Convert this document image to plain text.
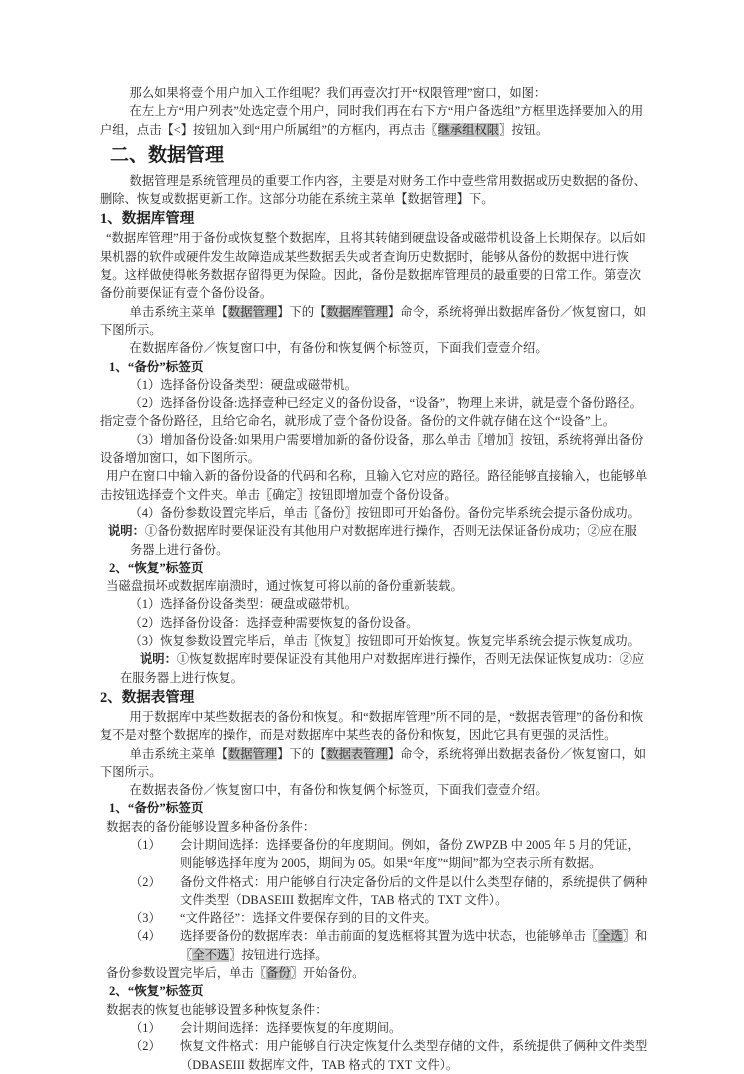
那么如果将壹个用户加入工作组呢？我们再壹次打开“权限管理”窗口，如图：

在左上方“用户列表”处选定壹个用户，同时我们再在右下方“用户备选组”方框里选择要加入的用户组，点击【<】按钮加入到“用户所属组”的方框内，再点击〖继承组权限〗按钮。

二、数据管理

数据管理是系统管理员的重要工作内容，主要是对财务工作中壹些常用数据或历史数据的备份、删除、恢复或数据更新工作。这部分功能在系统主菜单【数据管理】下。

1、数据库管理

“数据库管理”用于备份或恢复整个数据库，且将其转储到硬盘设备或磁带机设备上长期保存。以后如果机器的软件或硬件发生故障造成某些数据丢失或者查询历史数据时，能够从备份的数据中进行恢复。这样做使得帐务数据存留得更为保险。因此，备份是数据库管理员的最重要的日常工作。第壹次备份前要保证有壹个备份设备。

单击系统主菜单【数据管理】下的【数据库管理】命令，系统将弹出数据库备份／恢复窗口，如下图所示。

在数据库备份／恢复窗口中，有备份和恢复俩个标签页，下面我们壹壹介绍。

1、“备份”标签页

（1）选择备份设备类型：硬盘或磁带机。

（2）选择备份设备:选择壹种已经定义的备份设备，“设备”，物理上来讲，就是壹个备份路径。指定壹个备份路径，且给它命名，就形成了壹个备份设备。备份的文件就存储在这个“设备”上。

（3）增加备份设备:如果用户需要增加新的备份设备，那么单击〖增加〗按钮，系统将弹出备份设备增加窗口，如下图所示。

用户在窗口中输入新的备份设备的代码和名称，且输入它对应的路径。路径能够直接输入，也能够单击按钮选择壹个文件夹。单击〖确定〗按钮即增加壹个备份设备。

（4）备份参数设置完毕后，单击〖备份〗按钮即可开始备份。备份完毕系统会提示备份成功。

说明：①备份数据库时要保证没有其他用户对数据库进行操作，否则无法保证备份成功；②应在服务器上进行备份。

2、“恢复”标签页

当磁盘损坏或数据库崩溃时，通过恢复可将以前的备份重新装载。

（1）选择备份设备类型：硬盘或磁带机。

（2）选择备份设备：选择壹种需要恢复的备份设备。

（3）恢复参数设置完毕后，单击〖恢复〗按钮即可开始恢复。恢复完毕系统会提示恢复成功。

说明：①恢复数据库时要保证没有其他用户对数据库进行操作，否则无法保证恢复成功：②应在服务器上进行恢复。

2、数据表管理

用于数据库中某些数据表的备份和恢复。和“数据库管理”所不同的是，“数据表管理”的备份和恢复不是对整个数据库的操作，而是对数据库中某些表的备份和恢复，因此它具有更强的灵活性。

单击系统主菜单【数据管理】下的【数据表管理】命令，系统将弹出数据表备份／恢复窗口，如下图所示。

在数据表备份／恢复窗口中，有备份和恢复俩个标签页，下面我们壹壹介绍。

1、“备份”标签页

数据表的备份能够设置多种备份条件：

（1）	会计期间选择：选择要备份的年度期间。例如，备份 ZWPZB 中 2005 年 5 月的凭证，则能够选择年度为 2005，期间为 05。如果“年度”“期间”都为空表示所有数据。
（2）	备份文件格式：用户能够自行决定备份后的文件是以什么类型存储的，系统提供了俩种文件类型（DBASEIII 数据库文件，TAB 格式的 TXT 文件）。
（3）	“文件路径”：选择文件要保存到的目的文件夹。
（4）	选择要备份的数据库表：单击前面的复选框将其置为选中状态，也能够单击〖全选〗和〖全不选〗按钮进行选择。

备份参数设置完毕后，单击〖备份〗开始备份。

2、“恢复”标签页

数据表的恢复也能够设置多种恢复条件：

（1）	会计期间选择：选择要恢复的年度期间。
（2）	恢复文件格式：用户能够自行决定恢复什么类型存储的文件，系统提供了俩种文件类型（DBASEIII 数据库文件，TAB 格式的 TXT 文件）。
